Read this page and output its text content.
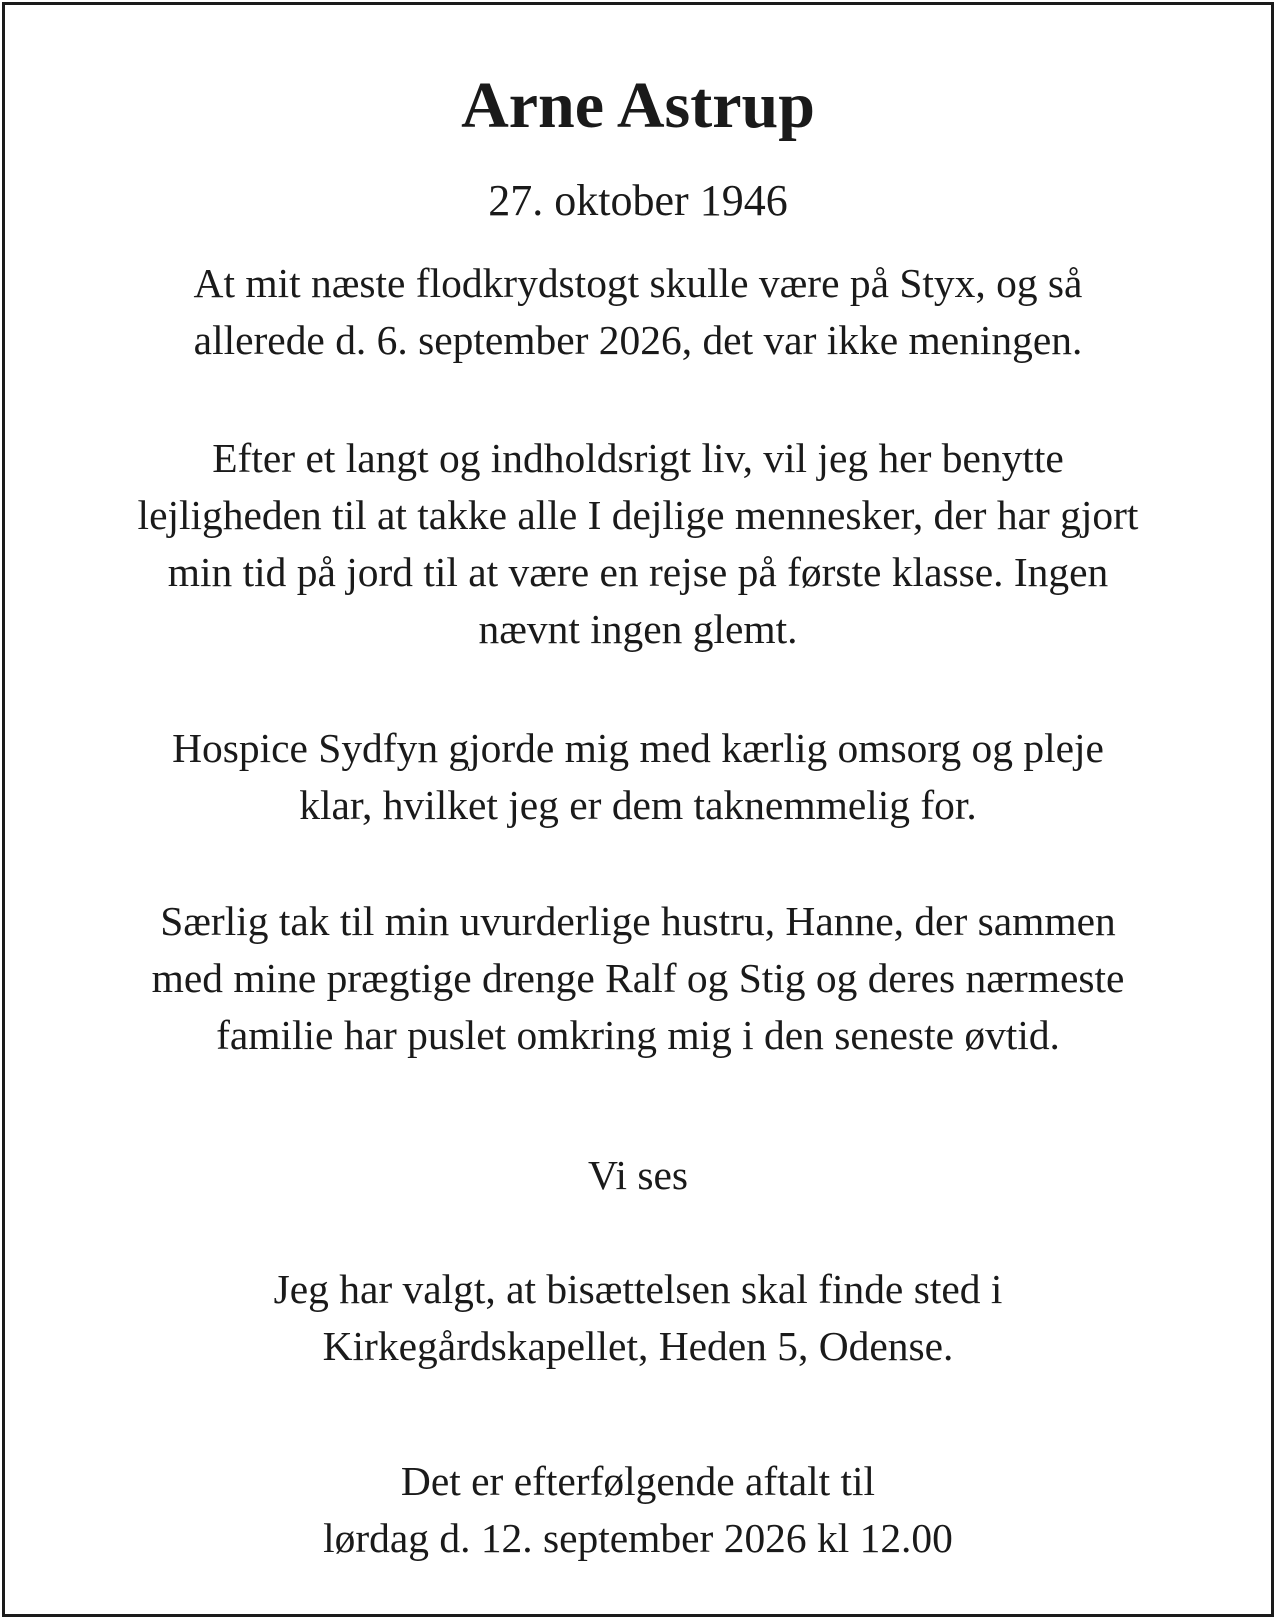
Arne Astrup

27. oktober 1946

At mit næste flodkrydstogt skulle være på Styx, og så
allerede d. 6. september 2026, det var ikke meningen.

Efter et langt og indholdsrigt liv, vil jeg her benytte
lejligheden til at takke alle I dejlige mennesker, der har gjort
min tid på jord til at være en rejse på første klasse. Ingen
nævnt ingen glemt.

Hospice Sydfyn gjorde mig med kærlig omsorg og pleje
klar, hvilket jeg er dem taknemmelig for.

Særlig tak til min uvurderlige hustru, Hanne, der sammen
med mine prægtige drenge Ralf og Stig og deres nærmeste
familie har puslet omkring mig i den seneste øvtid.

Vi ses

Jeg har valgt, at bisættelsen skal finde sted i
Kirkegårdskapellet, Heden 5, Odense.

Det er efterfølgende aftalt til
lørdag d. 12. september 2026 kl 12.00
